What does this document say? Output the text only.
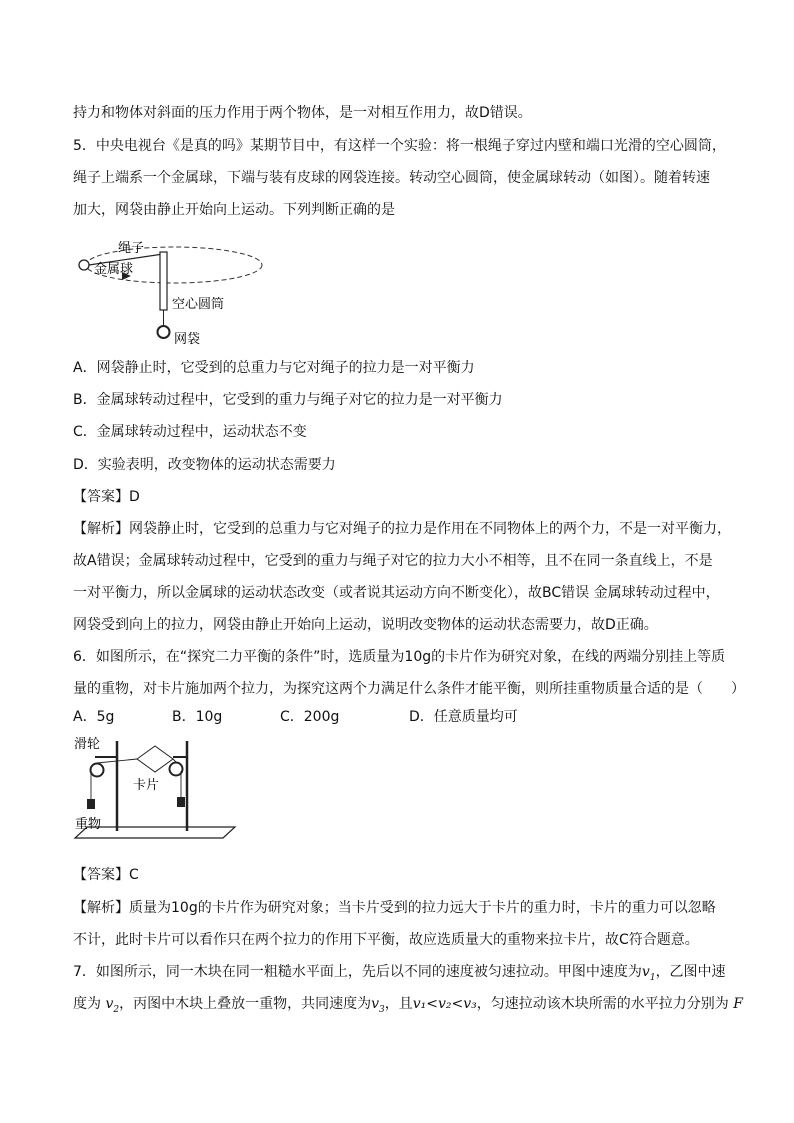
持力和物体对斜面的压力作用于两个物体，是一对相互作用力，故D错误。
5．中央电视台《是真的吗》某期节目中，有这样一个实验：将一根绳子穿过内壁和端口光滑的空心圆筒，
绳子上端系一个金属球，下端与装有皮球的网袋连接。转动空心圆筒，使金属球转动（如图）。随着转速
加大，网袋由静止开始向上运动。下列判断正确的是
绳子
金属球
空心圆筒
网袋
A．网袋静止时，它受到的总重力与它对绳子的拉力是一对平衡力
B．金属球转动过程中，它受到的重力与绳子对它的拉力是一对平衡力
C．金属球转动过程中，运动状态不变
D．实验表明，改变物体的运动状态需要力
【答案】D
【解析】网袋静止时，它受到的总重力与它对绳子的拉力是作用在不同物体上的两个力，不是一对平衡力，
故A错误；金属球转动过程中，它受到的重力与绳子对它的拉力大小不相等，且不在同一条直线上，不是
一对平衡力，所以金属球的运动状态改变（或者说其运动方向不断变化），故BC错误 金属球转动过程中，
网袋受到向上的拉力，网袋由静止开始向上运动，说明改变物体的运动状态需要力，故D正确。
6．如图所示，在“探究二力平衡的条件”时，选质量为10g的卡片作为研究对象，在线的两端分别挂上等质
量的重物，对卡片施加两个拉力，为探究这两个力满足什么条件才能平衡，则所挂重物质量合适的是（　　）
A．5g	B．10g	C．200g	D．任意质量均可
滑轮
卡片
重物
【答案】C
【解析】质量为10g的卡片作为研究对象；当卡片受到的拉力远大于卡片的重力时，卡片的重力可以忽略
不计，此时卡片可以看作只在两个拉力的作用下平衡，故应选质量大的重物来拉卡片，故C符合题意。
7．如图所示，同一木块在同一粗糙水平面上，先后以不同的速度被匀速拉动。甲图中速度为$v_1$，乙图中速
度为 $v_2$，丙图中木块上叠放一重物，共同速度为$v_3$，且v₁<v₂<v₃，匀速拉动该木块所需的水平拉力分别为 F
